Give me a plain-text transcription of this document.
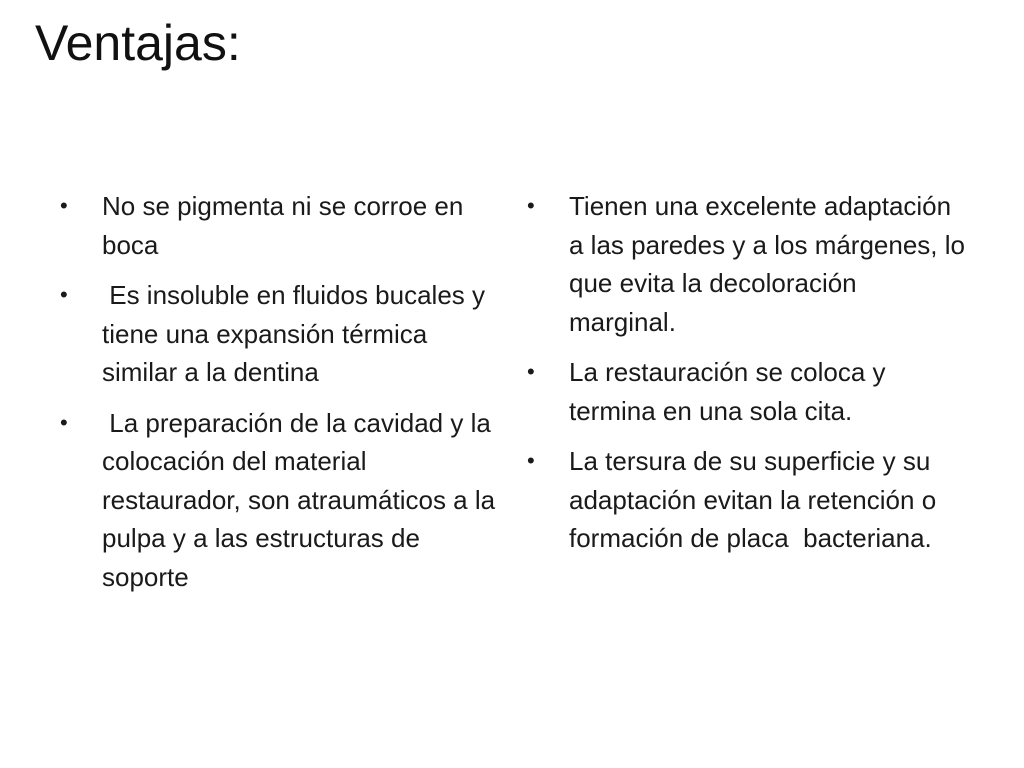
Ventajas:
• No se pigmenta ni se corroe en boca
• Es insoluble en fluidos bucales y tiene una expansión térmica similar a la dentina
• La preparación de la cavidad y la colocación del material restaurador, son atraumáticos a la pulpa y a las estructuras de soporte
• Tienen una excelente adaptación a las paredes y a los márgenes, lo que evita la decoloración marginal.
• La restauración se coloca y termina en una sola cita.
• La tersura de su superficie y su adaptación evitan la retención o formación de placa  bacteriana.
